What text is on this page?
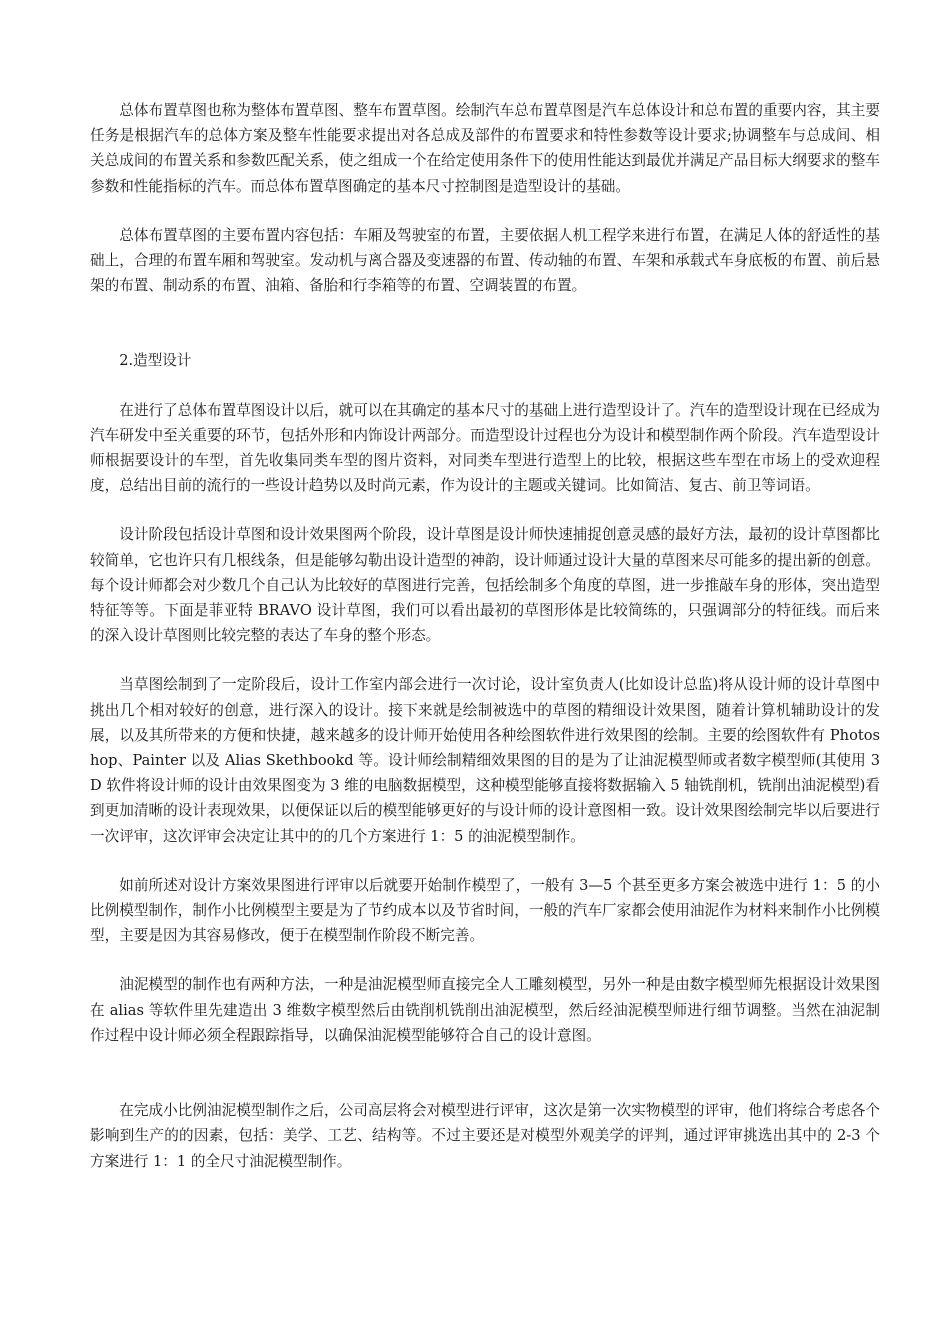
总体布置草图也称为整体布置草图、整车布置草图。绘制汽车总布置草图是汽车总体设计和总布置的重要内容，其主要任务是根据汽车的总体方案及整车性能要求提出对各总成及部件的布置要求和特性参数等设计要求;协调整车与总成间、相关总成间的布置关系和参数匹配关系，使之组成一个在给定使用条件下的使用性能达到最优并满足产品目标大纲要求的整车参数和性能指标的汽车。而总体布置草图确定的基本尺寸控制图是造型设计的基础。

总体布置草图的主要布置内容包括：车厢及驾驶室的布置，主要依据人机工程学来进行布置，在满足人体的舒适性的基础上，合理的布置车厢和驾驶室。发动机与离合器及变速器的布置、传动轴的布置、车架和承载式车身底板的布置、前后悬架的布置、制动系的布置、油箱、备胎和行李箱等的布置、空调装置的布置。

2.造型设计

在进行了总体布置草图设计以后，就可以在其确定的基本尺寸的基础上进行造型设计了。汽车的造型设计现在已经成为汽车研发中至关重要的环节，包括外形和内饰设计两部分。而造型设计过程也分为设计和模型制作两个阶段。汽车造型设计师根据要设计的车型，首先收集同类车型的图片资料，对同类车型进行造型上的比较，根据这些车型在市场上的受欢迎程度，总结出目前的流行的一些设计趋势以及时尚元素，作为设计的主题或关键词。比如简洁、复古、前卫等词语。

设计阶段包括设计草图和设计效果图两个阶段，设计草图是设计师快速捕捉创意灵感的最好方法，最初的设计草图都比较简单，它也许只有几根线条，但是能够勾勒出设计造型的神韵，设计师通过设计大量的草图来尽可能多的提出新的创意。每个设计师都会对少数几个自己认为比较好的草图进行完善，包括绘制多个角度的草图，进一步推敲车身的形体，突出造型特征等等。下面是菲亚特 BRAVO 设计草图，我们可以看出最初的草图形体是比较简练的，只强调部分的特征线。而后来的深入设计草图则比较完整的表达了车身的整个形态。

当草图绘制到了一定阶段后，设计工作室内部会进行一次讨论，设计室负责人(比如设计总监)将从设计师的设计草图中挑出几个相对较好的创意，进行深入的设计。接下来就是绘制被选中的草图的精细设计效果图，随着计算机辅助设计的发展，以及其所带来的方便和快捷，越来越多的设计师开始使用各种绘图软件进行效果图的绘制。主要的绘图软件有 Photoshop、Painter 以及 Alias Skethbookd 等。设计师绘制精细效果图的目的是为了让油泥模型师或者数字模型师(其使用 3D 软件将设计师的设计由效果图变为 3 维的电脑数据模型，这种模型能够直接将数据输入 5 轴铣削机，铣削出油泥模型)看到更加清晰的设计表现效果，以便保证以后的模型能够更好的与设计师的设计意图相一致。设计效果图绘制完毕以后要进行一次评审，这次评审会决定让其中的的几个方案进行 1：5 的油泥模型制作。

如前所述对设计方案效果图进行评审以后就要开始制作模型了，一般有 3—5 个甚至更多方案会被选中进行 1：5 的小比例模型制作，制作小比例模型主要是为了节约成本以及节省时间，一般的汽车厂家都会使用油泥作为材料来制作小比例模型，主要是因为其容易修改，便于在模型制作阶段不断完善。

油泥模型的制作也有两种方法，一种是油泥模型师直接完全人工雕刻模型，另外一种是由数字模型师先根据设计效果图在 alias 等软件里先建造出 3 维数字模型然后由铣削机铣削出油泥模型，然后经油泥模型师进行细节调整。当然在油泥制作过程中设计师必须全程跟踪指导，以确保油泥模型能够符合自己的设计意图。

在完成小比例油泥模型制作之后，公司高层将会对模型进行评审，这次是第一次实物模型的评审，他们将综合考虑各个影响到生产的的因素，包括：美学、工艺、结构等。不过主要还是对模型外观美学的评判，通过评审挑选出其中的 2-3 个方案进行 1：1 的全尺寸油泥模型制作。
